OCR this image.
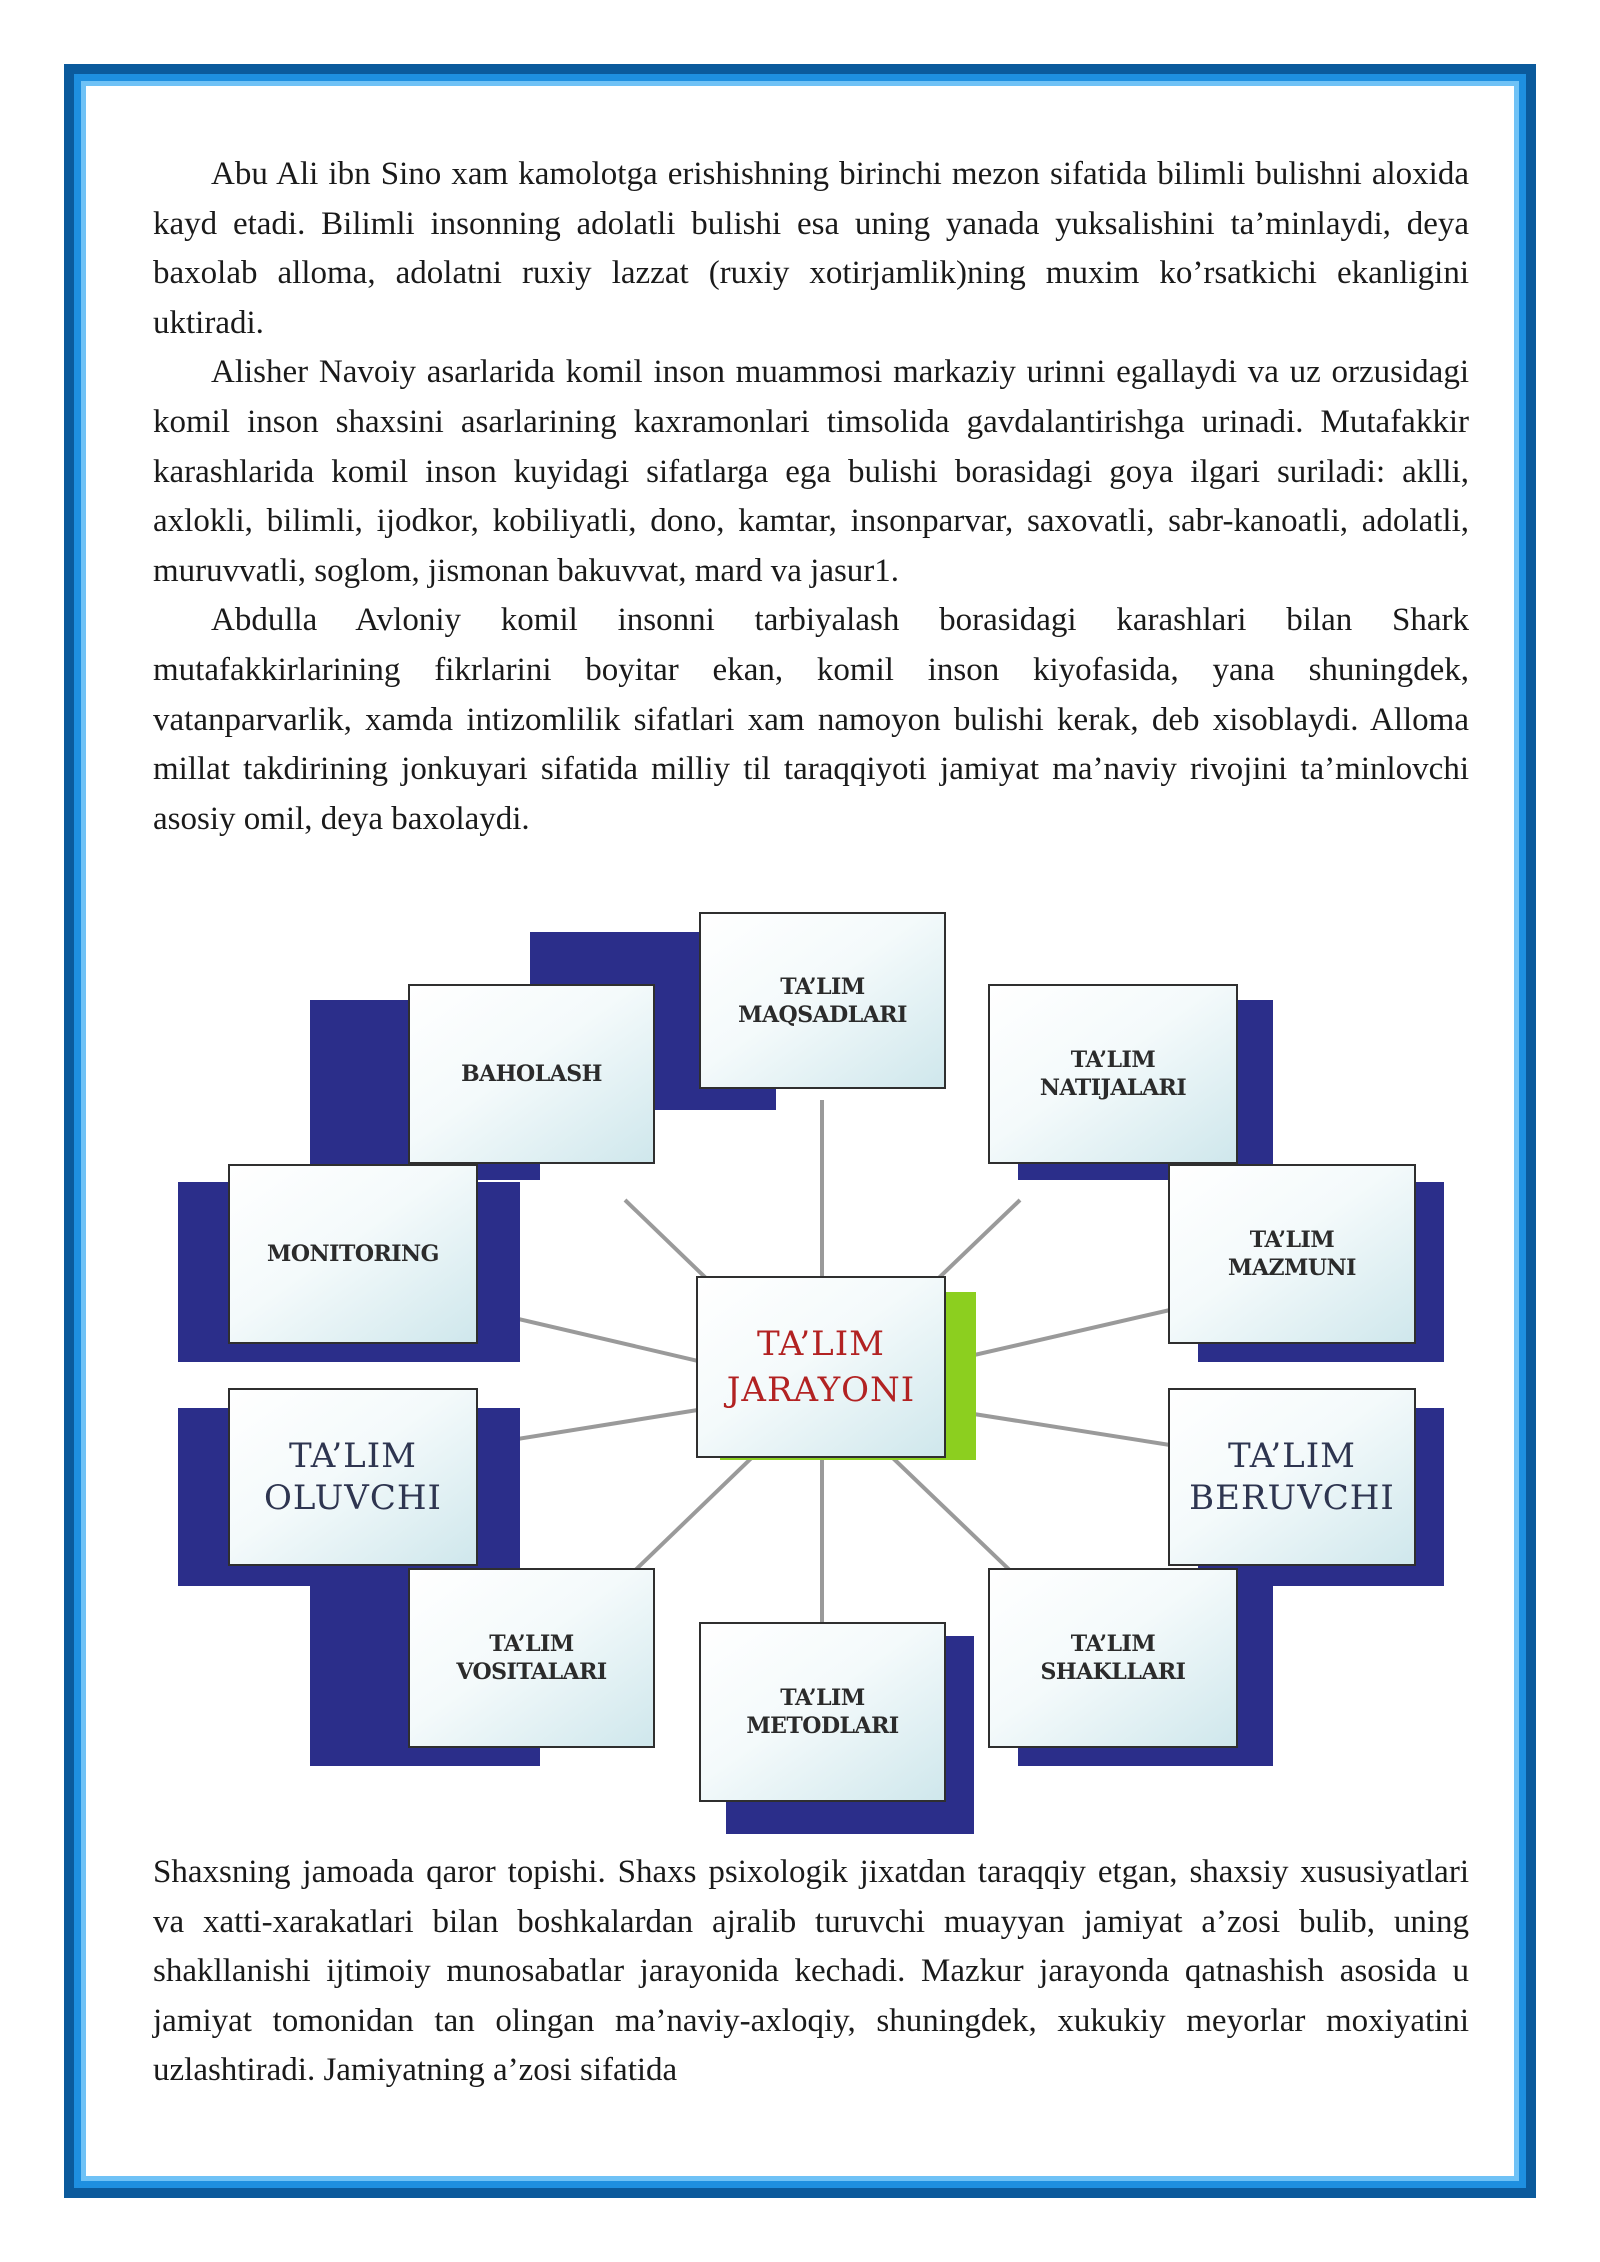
Abu Ali ibn Sino xam kamolotga erishishning birinchi mezon sifatida bilimli bulishni aloxida kayd etadi. Bilimli insonning adolatli bulishi esa uning yanada yuksalishini ta’minlaydi, deya baxolab alloma, adolatni ruxiy lazzat (ruxiy xotirjamlik)ning muxim ko’rsatkichi ekanligini uktiradi.

Alisher Navoiy asarlarida komil inson muammosi markaziy urinni egallaydi va uz orzusidagi komil inson shaxsini asarlarining kaxramonlari timsolida gavdalantirishga urinadi. Mutafakkir karashlarida komil inson kuyidagi sifatlarga ega bulishi borasidagi goya ilgari suriladi: aklli, axlokli, bilimli, ijodkor, kobiliyatli, dono, kamtar, insonparvar, saxovatli, sabr-kanoatli, adolatli, muruvvatli, soglom, jismonan bakuvvat, mard va jasur1.

Abdulla Avloniy komil insonni tarbiyalash borasidagi karashlari bilan Shark mutafakkirlarining fikrlarini boyitar ekan, komil inson kiyofasida, yana shuningdek, vatanparvarlik, xamda intizomlilik sifatlari xam namoyon bulishi kerak, deb xisoblaydi. Alloma millat takdirining jonkuyari sifatida milliy til taraqqiyoti jamiyat ma’naviy rivojini ta’minlovchi asosiy omil, deya baxolaydi.

TA’LIM
MAQSADLARI
BAHOLASH
TA’LIM
NATIJALARI
MONITORING
TA’LIM
MAZMUNI
TA’LIM
JARAYONI
TA’LIM
OLUVCHI
TA’LIM
BERUVCHI
TA’LIM
VOSITALARI
TA’LIM
SHAKLLARI
TA’LIM
METODLARI

Shaxsning jamoada qaror topishi. Shaxs psixologik jixatdan taraqqiy etgan, shaxsiy xususiyatlari va xatti-xarakatlari bilan boshkalardan ajralib turuvchi muayyan jamiyat a’zosi bulib, uning shakllanishi ijtimoiy munosabatlar jarayonida kechadi. Mazkur jarayonda qatnashish asosida u jamiyat tomonidan tan olingan ma’naviy-axloqiy, shuningdek, xukukiy meyorlar moxiyatini uzlashtiradi. Jamiyatning a’zosi sifatida
